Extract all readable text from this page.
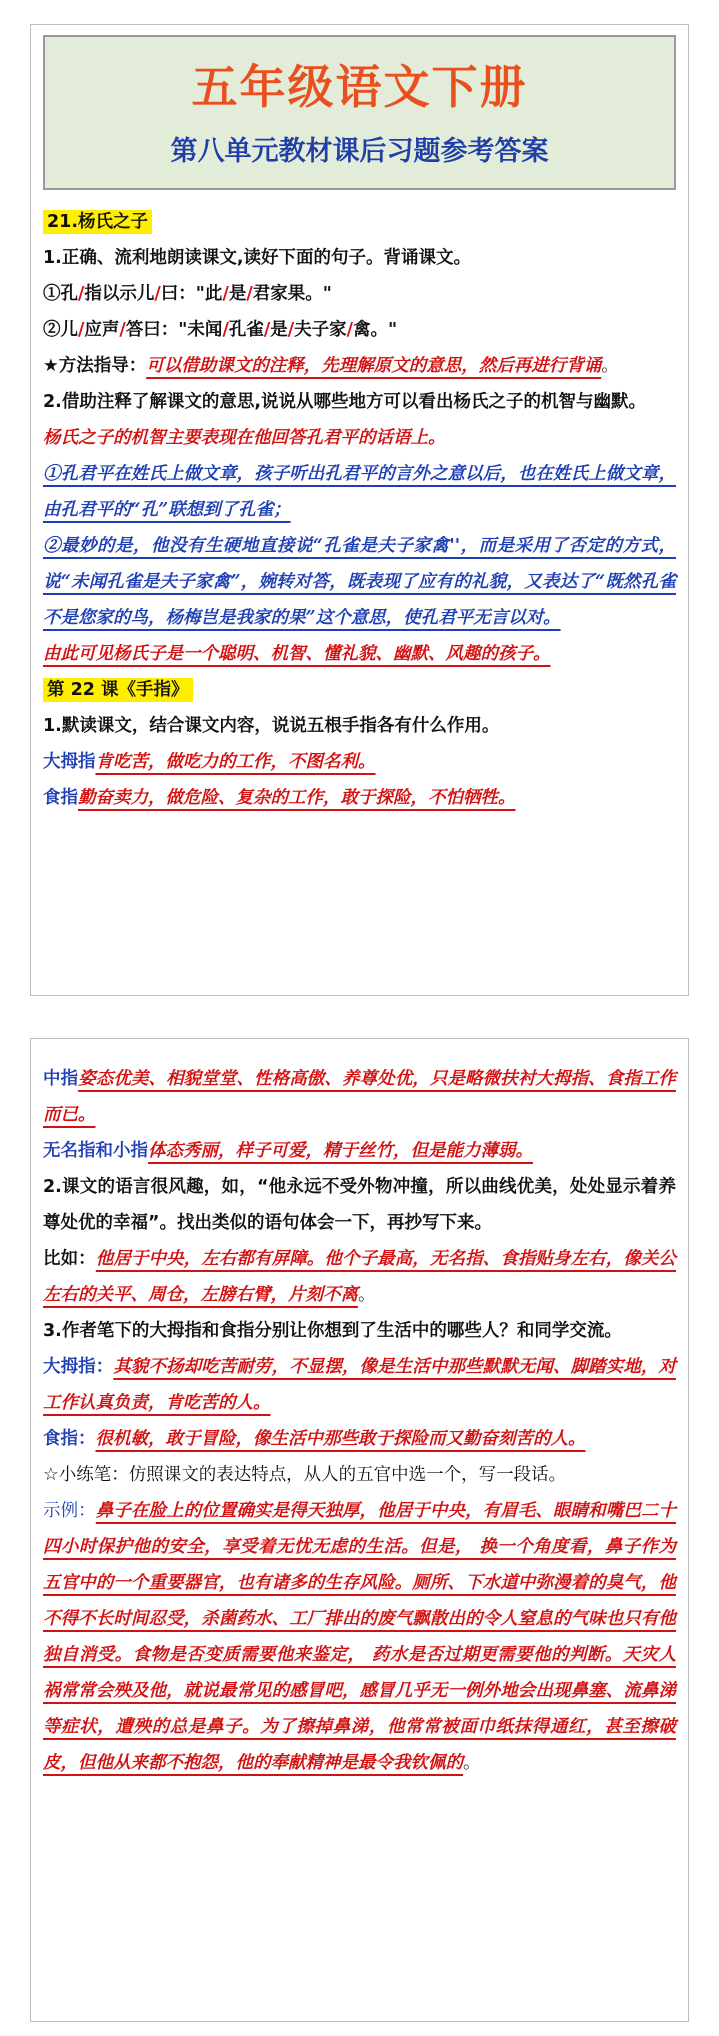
五年级语文下册
第八单元教材课后习题参考答案

21.杨氏之子

1.正确、流利地朗读课文,读好下面的句子。背诵课文。

①孔/指以示儿/曰："此/是/君家果。"

②儿/应声/答曰："未闻/孔雀/是/夫子家/禽。"

★方法指导：可以借助课文的注释，先理解原文的意思，然后再进行背诵。

2.借助注释了解课文的意思,说说从哪些地方可以看出杨氏之子的机智与幽默。

杨氏之子的机智主要表现在他回答孔君平的话语上。

①孔君平在姓氏上做文章，孩子听出孔君平的言外之意以后，也在姓氏上做文章，由孔君平的“孔”联想到了孔雀；

②最妙的是，他没有生硬地直接说“孔雀是夫子家禽''，而是采用了否定的方式，说“未闻孔雀是夫子家禽”，婉转对答，既表现了应有的礼貌，又表达了“既然孔雀不是您家的鸟，杨梅岂是我家的果”这个意思，使孔君平无言以对。

由此可见杨氏子是一个聪明、机智、懂礼貌、幽默、风趣的孩子。

第 22 课《手指》

1.默读课文，结合课文内容，说说五根手指各有什么作用。

大拇指肯吃苦，做吃力的工作，不图名利。

食指勤奋卖力，做危险、复杂的工作，敢于探险，不怕牺牲。

中指姿态优美、相貌堂堂、性格高傲、养尊处优，只是略微扶衬大拇指、食指工作而已。

无名指和小指体态秀丽，样子可爱，精于丝竹，但是能力薄弱。

2.课文的语言很风趣，如，“他永远不受外物冲撞，所以曲线优美，处处显示着养尊处优的幸福”。找出类似的语句体会一下，再抄写下来。

比如：他居于中央，左右都有屏障。他个子最高，无名指、食指贴身左右，像关公左右的关平、周仓，左膀右臂，片刻不离。

3.作者笔下的大拇指和食指分别让你想到了生活中的哪些人？和同学交流。

大拇指：其貌不扬却吃苦耐劳，不显摆，像是生活中那些默默无闻、脚踏实地，对工作认真负责，肯吃苦的人。

食指：很机敏，敢于冒险，像生活中那些敢于探险而又勤奋刻苦的人。

☆小练笔：仿照课文的表达特点，从人的五官中选一个，写一段话。

示例：鼻子在脸上的位置确实是得天独厚，他居于中央，有眉毛、眼睛和嘴巴二十四小时保护他的安全，享受着无忧无虑的生活。但是， 换一个角度看，鼻子作为五官中的一个重要器官，也有诸多的生存风险。厕所、下水道中弥漫着的臭气，他不得不长时间忍受，杀菌药水、工厂排出的废气飘散出的令人窒息的气味也只有他独自消受。食物是否变质需要他来鉴定， 药水是否过期更需要他的判断。天灾人祸常常会殃及他，就说最常见的感冒吧，感冒几乎无一例外地会出现鼻塞、流鼻涕等症状，遭殃的总是鼻子。为了擦掉鼻涕，他常常被面巾纸抹得通红，甚至擦破皮，但他从来都不抱怨，他的奉献精神是最令我钦佩的。
